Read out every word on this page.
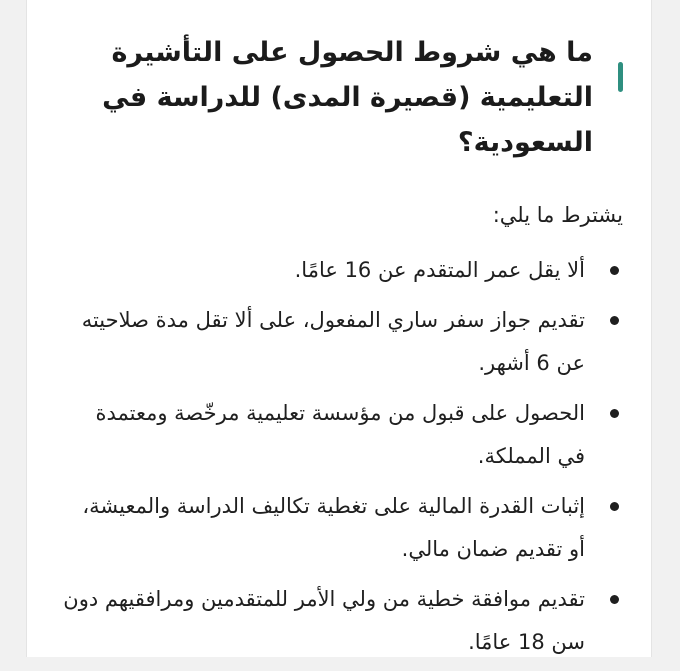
ما هي شروط الحصول على التأشيرة التعليمية (قصيرة المدى) للدراسة في السعودية؟

يشترط ما يلي:

ألا يقل عمر المتقدم عن 16 عامًا.
تقديم جواز سفر ساري المفعول، على ألا تقل مدة صلاحيته عن 6 أشهر.
الحصول على قبول من مؤسسة تعليمية مرخّصة ومعتمدة في المملكة.
إثبات القدرة المالية على تغطية تكاليف الدراسة والمعيشة، أو تقديم ضمان مالي.
تقديم موافقة خطية من ولي الأمر للمتقدمين ومرافقيهم دون سن 18 عامًا.
